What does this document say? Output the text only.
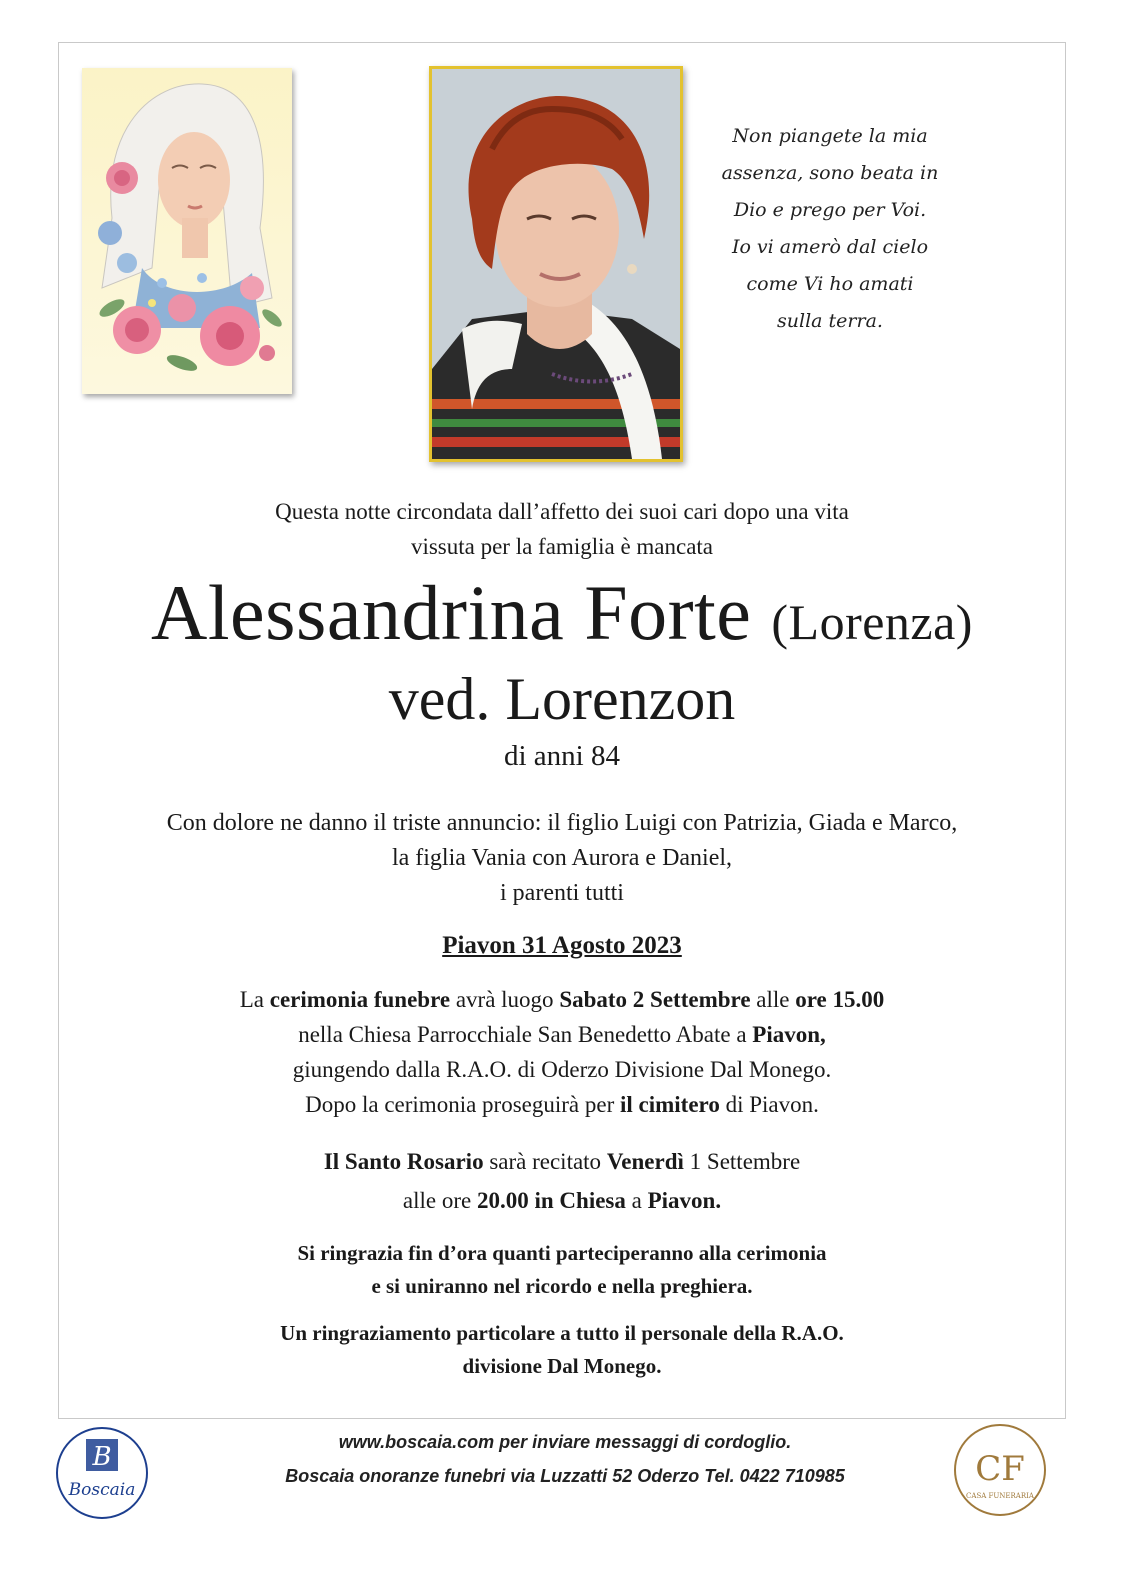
Non piangete la mia

assenza, sono beata in

Dio e prego per Voi.

Io vi amerò dal cielo

come Vi ho amati

sulla terra.

Questa notte circondata dall’affetto dei suoi cari dopo una vita

vissuta per la famiglia è mancata

Alessandrina Forte (Lorenza)
ved. Lorenzon
di anni 84

Con dolore ne danno il triste annuncio: il figlio Luigi con Patrizia, Giada e Marco,

la figlia Vania con Aurora e Daniel,

i parenti tutti

Piavon 31 Agosto 2023

La cerimonia funebre avrà luogo Sabato 2 Settembre alle ore 15.00

nella Chiesa Parrocchiale San Benedetto Abate a Piavon,

giungendo dalla R.A.O. di Oderzo Divisione Dal Monego.

Dopo la cerimonia proseguirà per il cimitero di Piavon.

Il Santo Rosario sarà recitato Venerdì 1 Settembre

alle ore 20.00 in Chiesa a Piavon.

Si ringrazia fin d’ora quanti parteciperanno alla cerimonia

e si uniranno nel ricordo e nella preghiera.

Un ringraziamento particolare a tutto il personale della R.A.O.

divisione Dal Monego.

www.boscaia.com per inviare messaggi di cordoglio.
Boscaia onoranze funebri via Luzzatti 52 Oderzo Tel. 0422 710985
B
Boscaia
CF
CASA FUNERARIA
